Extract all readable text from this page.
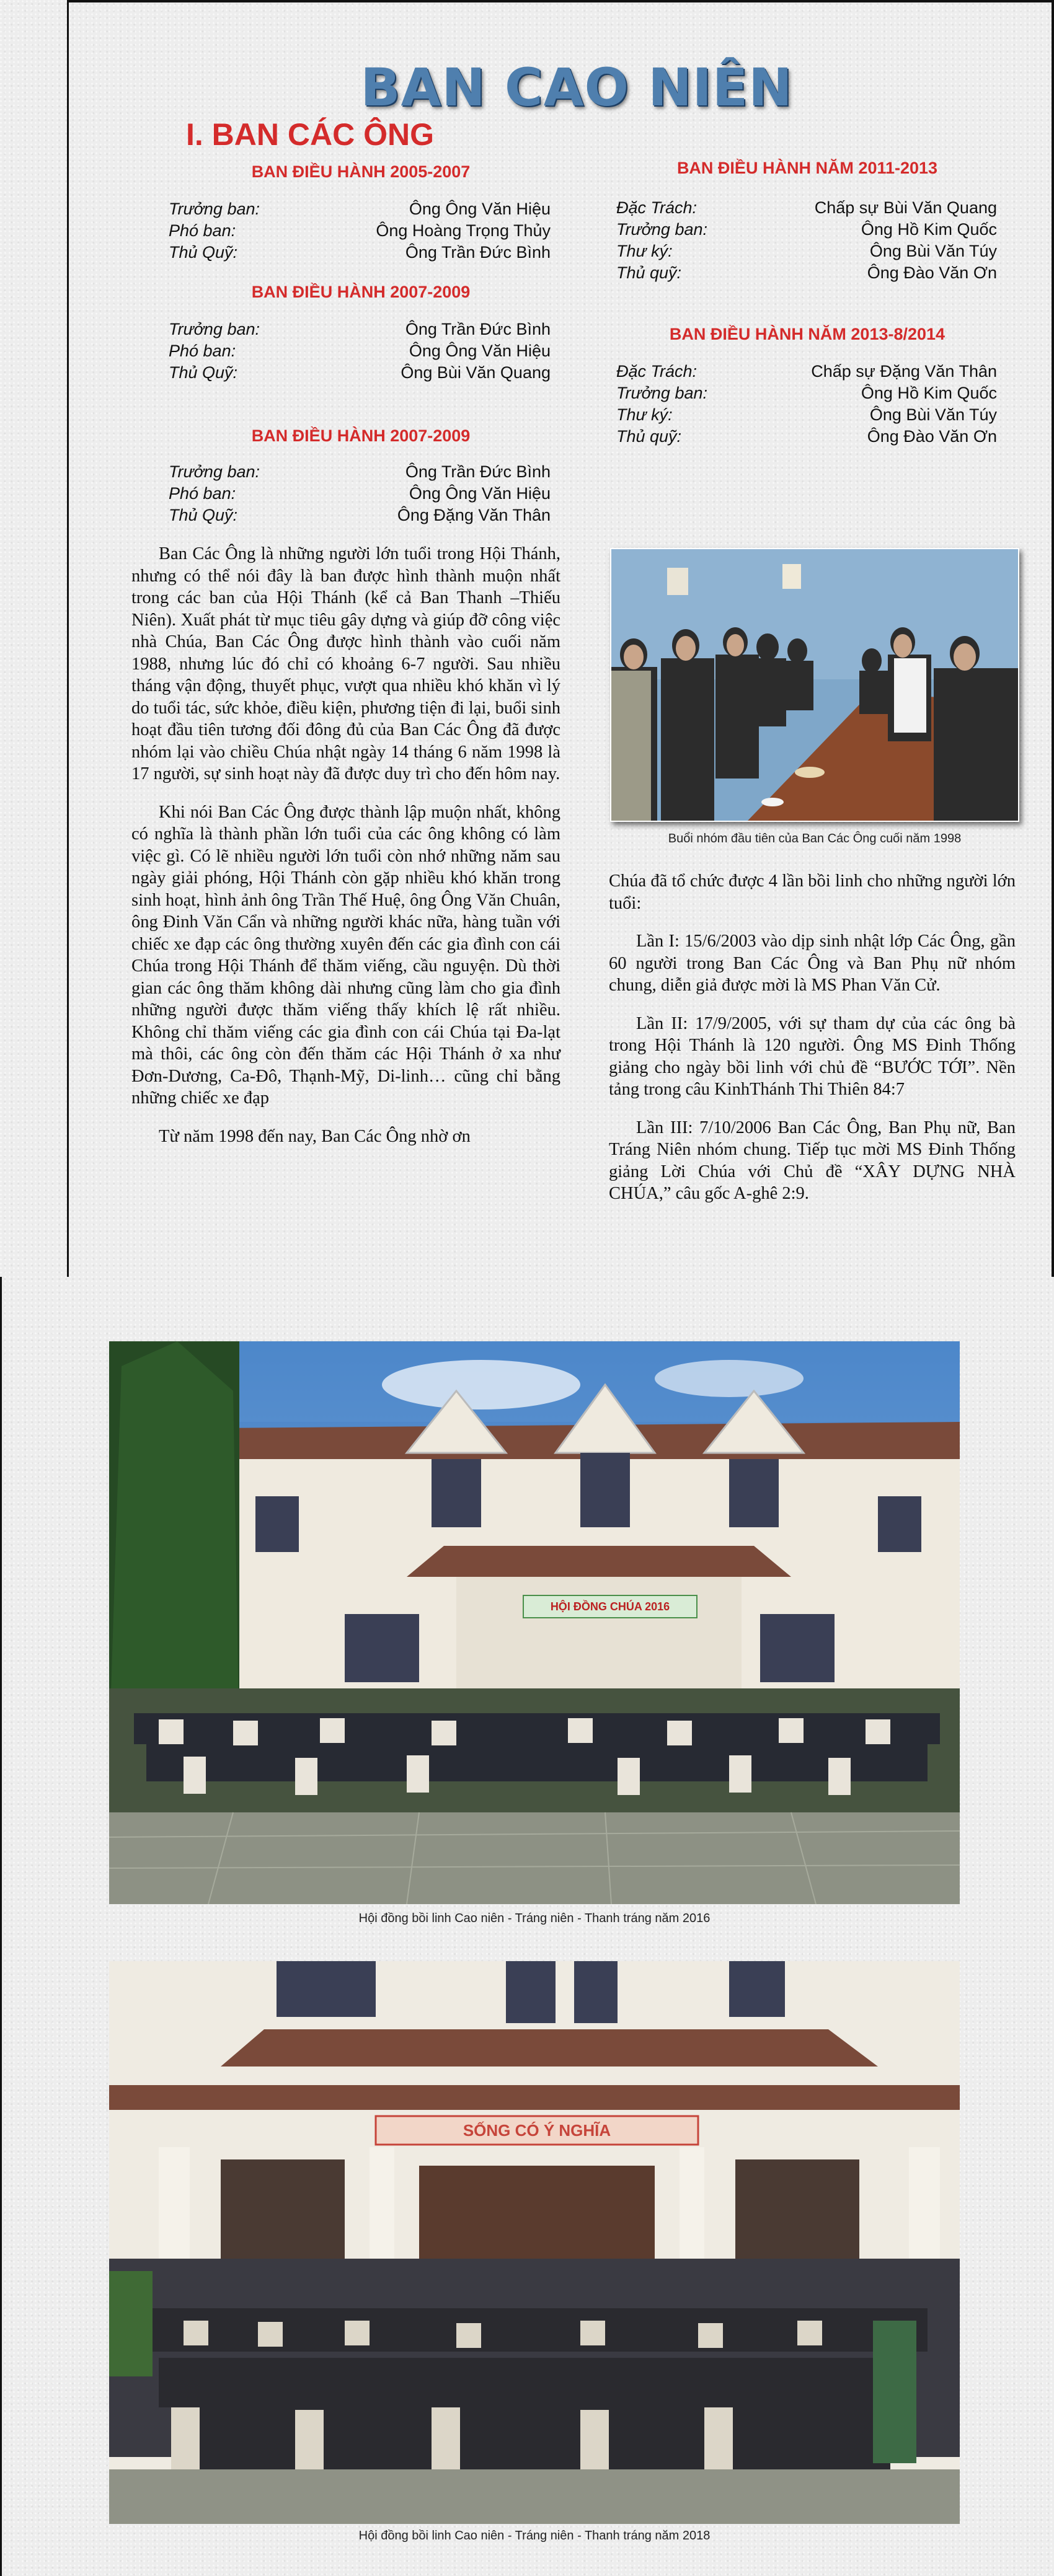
BAN CAO NIÊN
I. BAN CÁC ÔNG
BAN ĐIỀU HÀNH 2005-2007
Trưởng ban:	Ông Ông Văn Hiệu
Phó ban:	Ông Hoàng Trọng Thủy
Thủ Quỹ:	Ông Trần Đức Bình
BAN ĐIỀU HÀNH 2007-2009
Trưởng ban:	Ông Trần Đức Bình
Phó ban:	Ông Ông Văn Hiệu
Thủ Quỹ:	Ông Bùi Văn Quang
BAN ĐIỀU HÀNH 2007-2009
Trưởng ban:	Ông Trần Đức Bình
Phó ban:	Ông Ông Văn Hiệu
Thủ Quỹ:	Ông Đặng Văn Thân
BAN ĐIỀU HÀNH NĂM 2011-2013
Đặc Trách:	Chấp sự Bùi Văn Quang
Trưởng ban:	Ông Hồ Kim Quốc
Thư ký:	Ông Bùi Văn Túy
Thủ quỹ:	Ông Đào Văn Ơn
BAN ĐIỀU HÀNH NĂM 2013-8/2014
Đặc Trách:	Chấp sự Đặng Văn Thân
Trưởng ban:	Ông Hồ Kim Quốc
Thư ký:	Ông Bùi Văn Túy
Thủ quỹ:	Ông Đào Văn Ơn

Ban Các Ông là những người lớn tuổi trong Hội Thánh, nhưng có thể nói đây là ban được hình thành muộn nhất trong các ban của Hội Thánh (kể cả Ban Thanh –Thiếu Niên). Xuất phát từ mục tiêu gây dựng và giúp đỡ công việc nhà Chúa, Ban Các Ông được hình thành vào cuối năm 1988, nhưng lúc đó chỉ có khoảng 6-7 người. Sau nhiều tháng vận động, thuyết phục, vượt qua nhiều khó khăn vì lý do tuổi tác, sức khỏe, điều kiện, phương tiện đi lại, buổi sinh hoạt đầu tiên tương đối đông đủ của Ban Các Ông đã được nhóm lại vào chiều Chúa nhật ngày 14 tháng 6 năm 1998 là 17 người, sự sinh hoạt này đã được duy trì cho đến hôm nay.

Khi nói Ban Các Ông được thành lập muộn nhất, không có nghĩa là thành phần lớn tuổi của các ông không có làm việc gì. Có lẽ nhiều người lớn tuổi còn nhớ những năm sau ngày giải phóng, Hội Thánh còn gặp nhiều khó khăn trong sinh hoạt, hình ảnh ông Trần Thế Huệ, ông Ông Văn Chuân, ông Đinh Văn Cẩn và những người khác nữa, hàng tuần với chiếc xe đạp các ông thường xuyên đến các gia đình con cái Chúa trong Hội Thánh để thăm viếng, cầu nguyện. Dù thời gian các ông thăm không dài nhưng cũng làm cho gia đình những người được thăm viếng thấy khích lệ rất nhiều. Không chỉ thăm viếng các gia đình con cái Chúa tại Đa-lạt mà thôi, các ông còn đến thăm các Hội Thánh ở xa như Đơn-Dương, Ca-Đô, Thạnh-Mỹ, Di-linh… cũng chỉ bằng những chiếc xe đạp

Từ năm 1998 đến nay, Ban Các Ông nhờ ơn

Buổi nhóm đầu tiên của Ban Các Ông cuối năm 1998

Chúa đã tổ chức được 4 lần bồi linh cho những người lớn tuổi:

Lần I: 15/6/2003 vào dịp sinh nhật lớp Các Ông, gần 60 người trong Ban Các Ông và Ban Phụ nữ nhóm chung, diễn giả được mời là MS Phan Văn Cử.

Lần II: 17/9/2005, với sự tham dự của các ông bà trong Hội Thánh là 120 người. Ông MS Đinh Thống giảng cho ngày bồi linh với chủ đề “BƯỚC TỚI”. Nền tảng trong câu KinhThánh Thi Thiên 84:7

Lần III: 7/10/2006 Ban Các Ông, Ban Phụ nữ, Ban Tráng Niên nhóm chung. Tiếp tục mời MS Đinh Thống giảng Lời Chúa với Chủ đề “XÂY DỰNG NHÀ CHÚA,” câu gốc A-ghê 2:9.

HỘI ĐỒNG CHÚA 2016
Hội đồng bồi linh Cao niên - Tráng niên - Thanh tráng năm 2016
SỐNG CÓ Ý NGHĨA
Hội đồng bồi linh Cao niên - Tráng niên - Thanh tráng năm 2018
